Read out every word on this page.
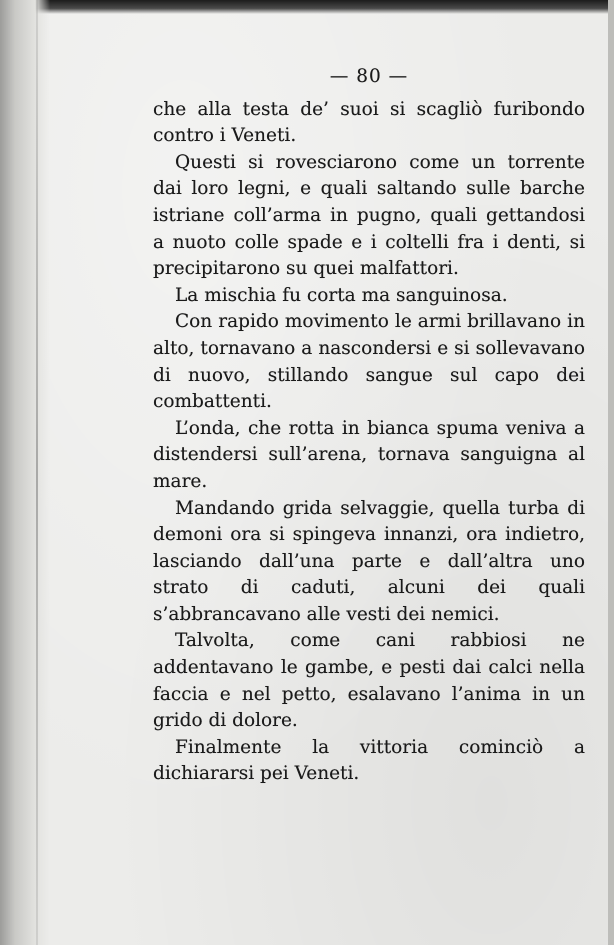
— 80 —

che alla testa de’ suoi si scagliò furibondo contro i Veneti.

Questi si rovesciarono come un torrente dai loro legni, e quali saltando sulle barche istriane coll’arma in pugno, quali gettandosi a nuoto colle spade e i coltelli fra i denti, si precipitarono su quei malfattori.

La mischia fu corta ma sanguinosa.

Con rapido movimento le armi brillavano in alto, tornavano a nascondersi e si sollevavano di nuovo, stillando sangue sul capo dei combattenti.

L’onda, che rotta in bianca spuma veniva a distendersi sull’arena, tornava sanguigna al mare.

Mandando grida selvaggie, quella turba di demoni ora si spingeva innanzi, ora indietro, lasciando dall’una parte e dall’altra uno strato di caduti, alcuni dei quali s’abbrancavano alle vesti dei nemici.

Talvolta, come cani rabbiosi ne addentavano le gambe, e pesti dai calci nella faccia e nel petto, esalavano l’anima in un grido di dolore.

Finalmente la vittoria cominciò a dichiararsi pei Veneti.
